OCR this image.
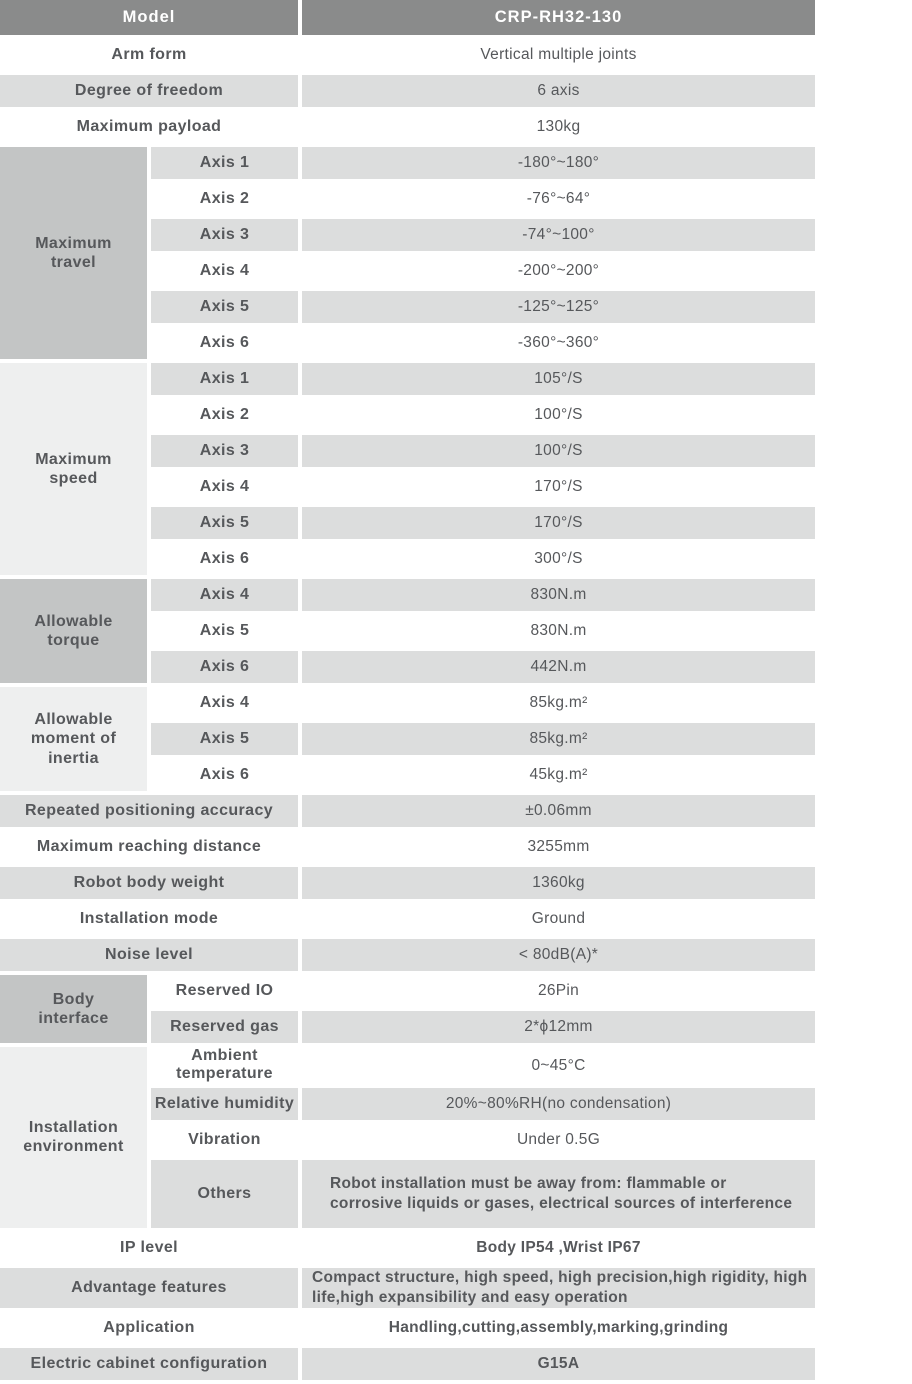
Model		CRP-RH32-130
Arm form		Vertical multiple joints
Degree of freedom		6 axis
Maximum payload		130kg
Maximum travel	Axis 1	-180°~180°
	Axis 2	-76°~64°
	Axis 3	-74°~100°
	Axis 4	-200°~200°
	Axis 5	-125°~125°
	Axis 6	-360°~360°
Maximum speed	Axis 1	105°/S
	Axis 2	100°/S
	Axis 3	100°/S
	Axis 4	170°/S
	Axis 5	170°/S
	Axis 6	300°/S
Allowable torque	Axis 4	830N.m
	Axis 5	830N.m
	Axis 6	442N.m
Allowable moment of inertia	Axis 4	85kg.m²
	Axis 5	85kg.m²
	Axis 6	45kg.m²
Repeated positioning accuracy		±0.06mm
Maximum reaching distance		3255mm
Robot body weight		1360kg
Installation mode		Ground
Noise level		< 80dB(A)*
Body interface	Reserved IO	26Pin
	Reserved gas	2*ϕ12mm
Installation environment	Ambient temperature	0~45°C
	Relative humidity	20%~80%RH(no condensation)
	Vibration	Under 0.5G
	Others	Robot installation must be away from: flammable or corrosive liquids or gases, electrical sources of interference
IP level		Body IP54 ,Wrist IP67
Advantage features		Compact structure, high speed, high precision,high rigidity, high life,high expansibility and easy operation
Application		Handling,cutting,assembly,marking,grinding
Electric cabinet configuration		G15A
